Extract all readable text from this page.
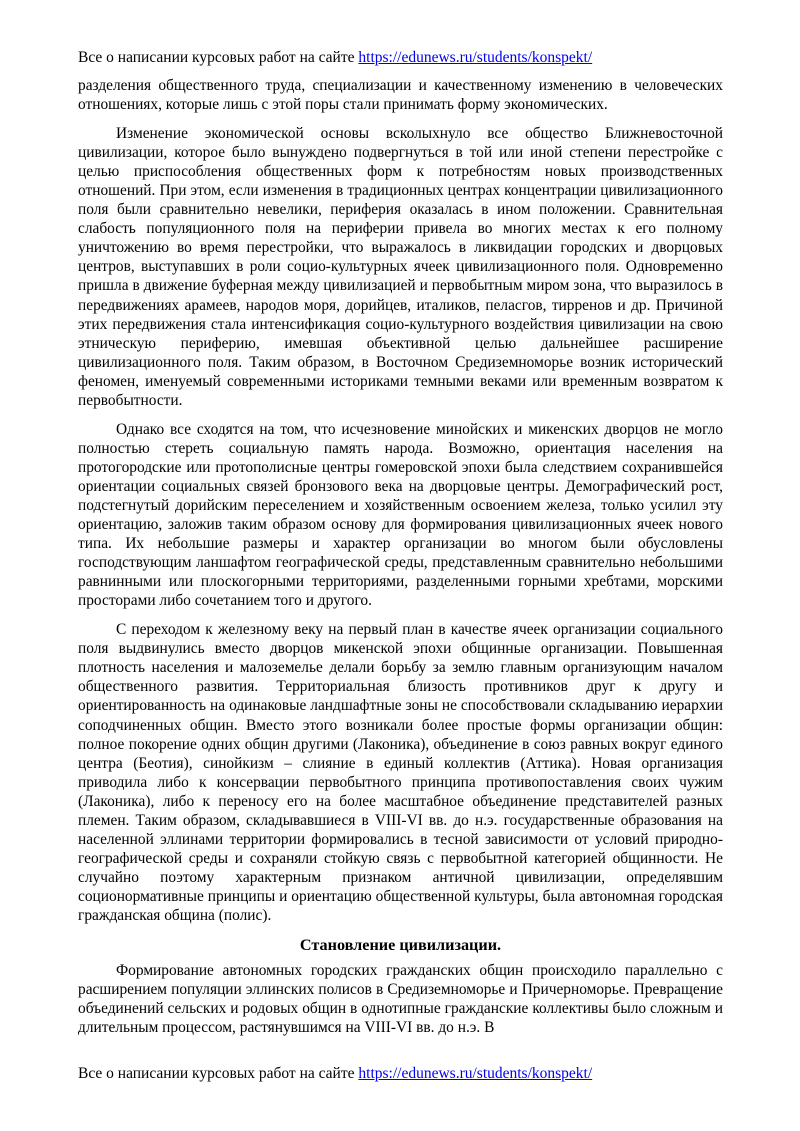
Все о написании курсовых работ на сайте https://edunews.ru/students/konspekt/

разделения общественного труда, специализации и качественному изменению в человеческих отношениях, которые лишь с этой поры стали принимать форму экономических.

Изменение экономической основы всколыхнуло все общество Ближневосточной цивилизации, которое было вынуждено подвергнуться в той или иной степени перестройке с целью приспособления общественных форм к потребностям новых производственных отношений. При этом, если изменения в традиционных центрах концентрации цивилизационного поля были сравнительно невелики, периферия оказалась в ином положении. Сравнительная слабость популяционного поля на периферии привела во многих местах к его полному уничтожению во время перестройки, что выражалось в ликвидации городских и дворцовых центров, выступавших в роли социо-культурных ячеек цивилизационного поля. Одновременно пришла в движение буферная между цивилизацией и первобытным миром зона, что выразилось в передвижениях арамеев, народов моря, дорийцев, италиков, пеласгов, тирренов и др. Причиной этих передвижения стала интенсификация социо-культурного воздействия цивилизации на свою этническую периферию, имевшая объективной целью дальнейшее расширение цивилизационного поля. Таким образом, в Восточном Средиземноморье возник исторический феномен, именуемый современными историками темными веками или временным возвратом к первобытности.

Однако все сходятся на том, что исчезновение минойских и микенских дворцов не могло полностью стереть социальную память народа. Возможно, ориентация населения на протогородские или протополисные центры гомеровской эпохи была следствием сохранившейся ориентации социальных связей бронзового века на дворцовые центры. Демографический рост, подстегнутый дорийским переселением и хозяйственным освоением железа, только усилил эту ориентацию, заложив таким образом основу для формирования цивилизационных ячеек нового типа. Их небольшие размеры и характер организации во многом были обусловлены господствующим ланшафтом географической среды, представленным сравнительно небольшими равнинными или плоскогорными территориями, разделенными горными хребтами, морскими просторами либо сочетанием того и другого.

С переходом к железному веку на первый план в качестве ячеек организации социального поля выдвинулись вместо дворцов микенской эпохи общинные организации. Повышенная плотность населения и малоземелье делали борьбу за землю главным организующим началом общественного развития. Территориальная близость противников друг к другу и ориентированность на одинаковые ландшафтные зоны не способствовали складыванию иерархии соподчиненных общин. Вместо этого возникали более простые формы организации общин: полное покорение одних общин другими (Лаконика), объединение в союз равных вокруг единого центра (Беотия), синойкизм – слияние в единый коллектив (Аттика). Новая организация приводила либо к консервации первобытного принципа противопоставления своих чужим (Лаконика), либо к переносу его на более масштабное объединение представителей разных племен. Таким образом, складывавшиеся в VIII-VI вв. до н.э. государственные образования на населенной эллинами территории формировались в тесной зависимости от условий природно-географической среды и сохраняли стойкую связь с первобытной категорией общинности. Не случайно поэтому характерным признаком античной цивилизации, определявшим соционормативные принципы и ориентацию общественной культуры, была автономная городская гражданская община (полис).

Становление цивилизации.

Формирование автономных городских гражданских общин происходило параллельно с расширением популяции эллинских полисов в Средиземноморье и Причерноморье. Превращение объединений сельских и родовых общин в однотипные гражданские коллективы было сложным и длительным процессом, растянувшимся на VIII-VI вв. до н.э. В

Все о написании курсовых работ на сайте https://edunews.ru/students/konspekt/
